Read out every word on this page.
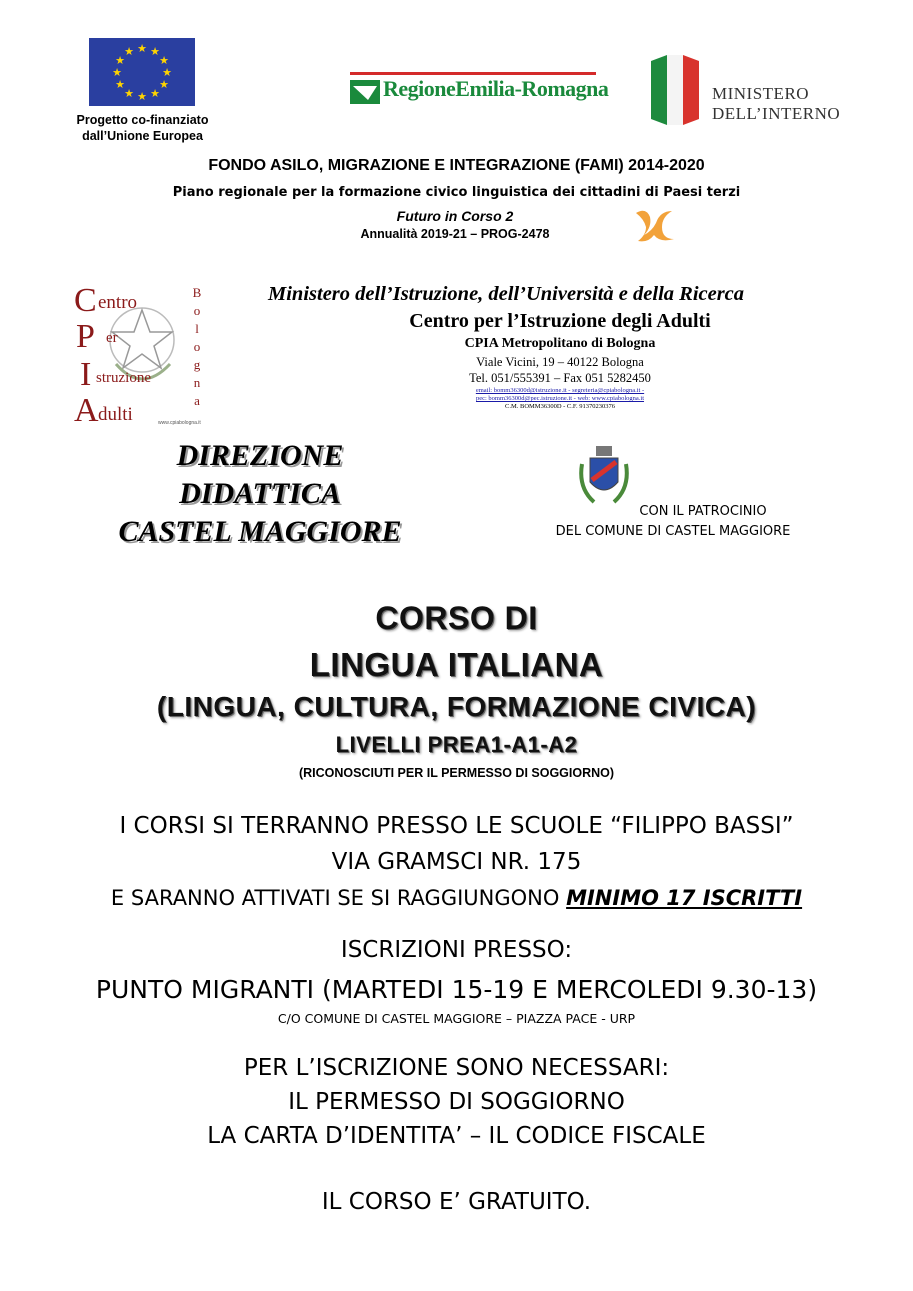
★ ★
★
★
★
★
★
★
★
★
★
★
Progetto co-finanziato
dall’Unione Europea
RegioneEmilia-Romagna	MINISTERO
DELL’INTERNO
FONDO ASILO, MIGRAZIONE E INTEGRAZIONE (FAMI) 2014-2020
Piano regionale per la formazione civico linguistica dei cittadini di Paesi terzi
Futuro in Corso 2
Annualità 2019-21 – PROG-2478
C entro
P er
I struzione
A dulti
B
o
l
o
g
n
a
www.cpiabologna.it
Ministero dell’Istruzione, dell’Università e della Ricerca
Centro per l’Istruzione degli Adulti
CPIA Metropolitano di Bologna
Viale Vicini, 19 – 40122 Bologna
Tel. 051/555391 – Fax 051 5282450
email: bomm36300d@istruzione.it - segreteria@cpiabologna.it -
pec: bomm36300d@pec.istruzione.it - web: www.cpiabologna.it
C.M. BOMM36300D - C.F. 91370230376
DIREZIONE
DIDATTICA
CASTEL MAGGIORE
CON IL PATROCINIO
DEL COMUNE DI CASTEL MAGGIORE
CORSO DI
LINGUA ITALIANA
(LINGUA, CULTURA, FORMAZIONE CIVICA)
LIVELLI PREA1-A1-A2
(RICONOSCIUTI PER IL PERMESSO DI SOGGIORNO)
I CORSI SI TERRANNO PRESSO LE SCUOLE “FILIPPO BASSI”
VIA GRAMSCI NR. 175
E SARANNO ATTIVATI SE SI RAGGIUNGONO MINIMO 17 ISCRITTI
ISCRIZIONI PRESSO:
PUNTO MIGRANTI (MARTEDI 15-19 E MERCOLEDI 9.30-13)
C/O COMUNE DI CASTEL MAGGIORE – PIAZZA PACE - URP
PER L’ISCRIZIONE SONO NECESSARI:
IL PERMESSO DI SOGGIORNO
LA CARTA D’IDENTITA’ – IL CODICE FISCALE
IL CORSO E’ GRATUITO.
